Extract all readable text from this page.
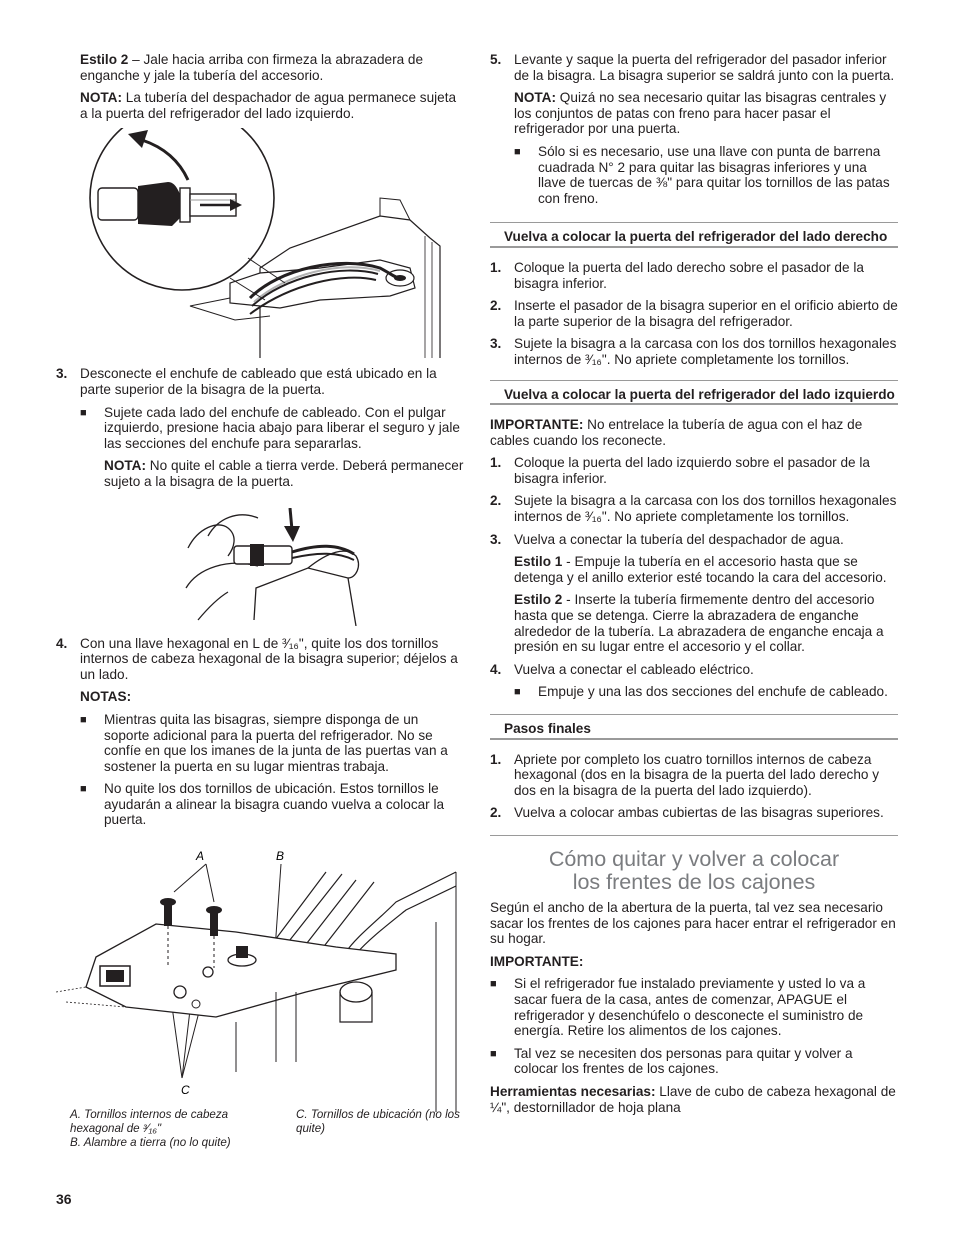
Estilo 2 – Jale hacia arriba con firmeza la abrazadera de enganche y jale la tubería del accesorio.

NOTA: La tubería del despachador de agua permanece sujeta a la puerta del refrigerador del lado izquierdo.

3. Desconecte el enchufe de cableado que está ubicado en la parte superior de la bisagra de la puerta.

■ Sujete cada lado del enchufe de cableado. Con el pulgar izquierdo, presione hacia abajo para liberar el seguro y jale las secciones del enchufe para separarlas.

NOTA: No quite el cable a tierra verde. Deberá permanecer sujeto a la bisagra de la puerta.

4. Con una llave hexagonal en L de ³⁄₁₆", quite los dos tornillos internos de cabeza hexagonal de la bisagra superior; déjelos a un lado.

NOTAS:

■ Mientras quita las bisagras, siempre disponga de un soporte adicional para la puerta del refrigerador. No se confíe en que los imanes de la junta de las puertas van a sostener la puerta en su lugar mientras trabaja.

■ No quite los dos tornillos de ubicación. Estos tornillos le ayudarán a alinear la bisagra cuando vuelva a colocar la puerta.

A	B
C
A. Tornillos internos de cabeza hexagonal de ³⁄₁₆"
B. Alambre a tierra (no lo quite)
C. Tornillos de ubicación (no los quite)
5. Levante y saque la puerta del refrigerador del pasador inferior de la bisagra. La bisagra superior se saldrá junto con la puerta.

NOTA: Quizá no sea necesario quitar las bisagras centrales y los conjuntos de patas con freno para hacer pasar el refrigerador por una puerta.

■ Sólo si es necesario, use una llave con punta de barrena cuadrada N° 2 para quitar las bisagras inferiores y una llave de tuercas de ⅜" para quitar los tornillos de las patas con freno.

Vuelva a colocar la puerta del refrigerador del lado derecho
1. Coloque la puerta del lado derecho sobre el pasador de la bisagra inferior.

2. Inserte el pasador de la bisagra superior en el orificio abierto de la parte superior de la bisagra del refrigerador.

3. Sujete la bisagra a la carcasa con los dos tornillos hexagonales internos de ³⁄₁₆". No apriete completamente los tornillos.

Vuelva a colocar la puerta del refrigerador del lado izquierdo

IMPORTANTE: No entrelace la tubería de agua con el haz de cables cuando los reconecte.

1. Coloque la puerta del lado izquierdo sobre el pasador de la bisagra inferior.

2. Sujete la bisagra a la carcasa con los dos tornillos hexagonales internos de ³⁄₁₆". No apriete completamente los tornillos.

3. Vuelva a conectar la tubería del despachador de agua.

Estilo 1 - Empuje la tubería en el accesorio hasta que se detenga y el anillo exterior esté tocando la cara del accesorio.

Estilo 2 - Inserte la tubería firmemente dentro del accesorio hasta que se detenga. Cierre la abrazadera de enganche alrededor de la tubería. La abrazadera de enganche encaja a presión en su lugar entre el accesorio y el collar.

4. Vuelva a conectar el cableado eléctrico.

■ Empuje y una las dos secciones del enchufe de cableado.

Pasos finales
1. Apriete por completo los cuatro tornillos internos de cabeza hexagonal (dos en la bisagra de la puerta del lado derecho y dos en la bisagra de la puerta del lado izquierdo).

2. Vuelva a colocar ambas cubiertas de las bisagras superiores.

Cómo quitar y volver a colocar
los frentes de los cajones

Según el ancho de la abertura de la puerta, tal vez sea necesario sacar los frentes de los cajones para hacer entrar el refrigerador en su hogar.

IMPORTANTE:

■ Si el refrigerador fue instalado previamente y usted lo va a sacar fuera de la casa, antes de comenzar, APAGUE el refrigerador y desenchúfelo o desconecte el suministro de energía. Retire los alimentos de los cajones.

■ Tal vez se necesiten dos personas para quitar y volver a colocar los frentes de los cajones.

Herramientas necesarias: Llave de cubo de cabeza hexagonal de ¼", destornillador de hoja plana

36
